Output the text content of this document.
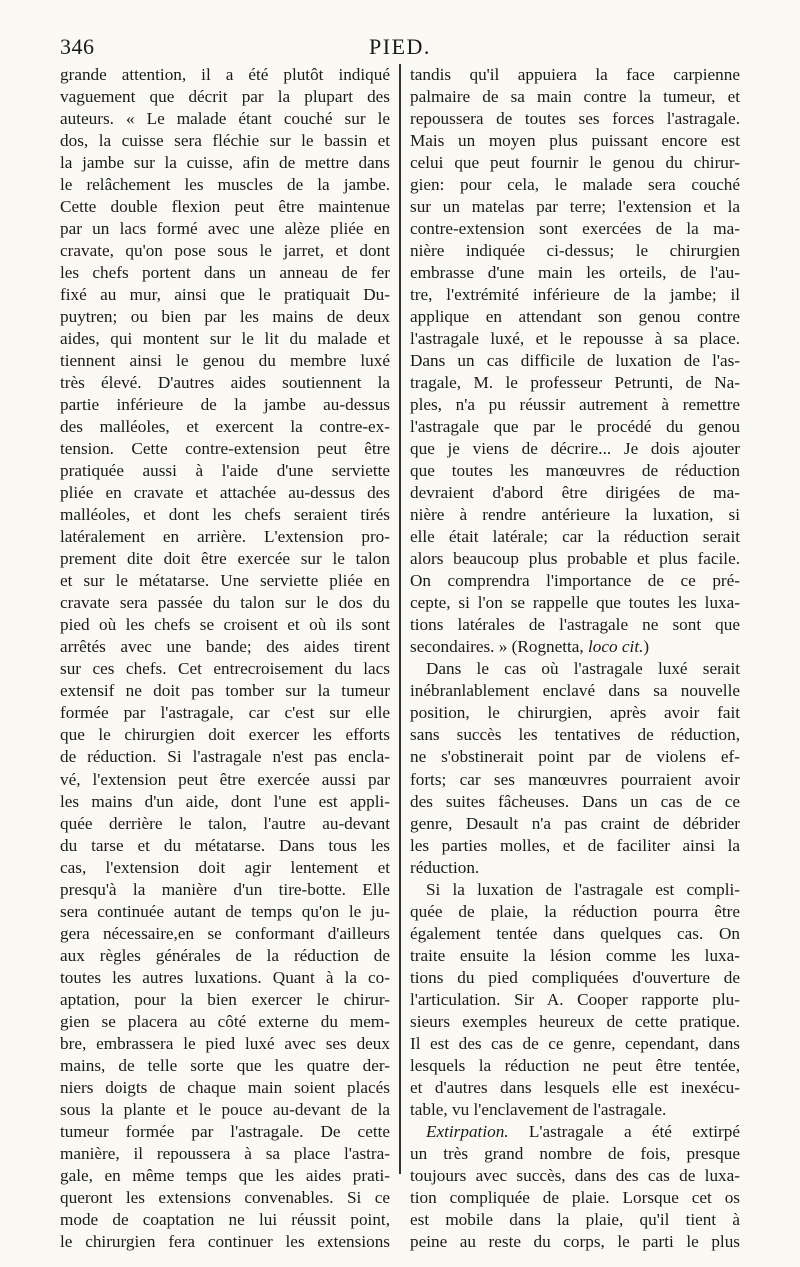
346	PIED.
grande attention, il a été plutôt indiqué
vaguement que décrit par la plupart des
auteurs. « Le malade étant couché sur le
dos, la cuisse sera fléchie sur le bassin et
la jambe sur la cuisse, afin de mettre dans
le relâchement les muscles de la jambe.
Cette double flexion peut être maintenue
par un lacs formé avec une alèze pliée en
cravate, qu'on pose sous le jarret, et dont
les chefs portent dans un anneau de fer
fixé au mur, ainsi que le pratiquait Du-
puytren; ou bien par les mains de deux
aides, qui montent sur le lit du malade et
tiennent ainsi le genou du membre luxé
très élevé. D'autres aides soutiennent la
partie inférieure de la jambe au-dessus
des malléoles, et exercent la contre-ex-
tension. Cette contre-extension peut être
pratiquée aussi à l'aide d'une serviette
pliée en cravate et attachée au-dessus des
malléoles, et dont les chefs seraient tirés
latéralement en arrière. L'extension pro-
prement dite doit être exercée sur le talon
et sur le métatarse. Une serviette pliée en
cravate sera passée du talon sur le dos du
pied où les chefs se croisent et où ils sont
arrêtés avec une bande; des aides tirent
sur ces chefs. Cet entrecroisement du lacs
extensif ne doit pas tomber sur la tumeur
formée par l'astragale, car c'est sur elle
que le chirurgien doit exercer les efforts
de réduction. Si l'astragale n'est pas encla-
vé, l'extension peut être exercée aussi par
les mains d'un aide, dont l'une est appli-
quée derrière le talon, l'autre au-devant
du tarse et du métatarse. Dans tous les
cas, l'extension doit agir lentement et
presqu'à la manière d'un tire-botte. Elle
sera continuée autant de temps qu'on le ju-
gera nécessaire,en se conformant d'ailleurs
aux règles générales de la réduction de
toutes les autres luxations. Quant à la co-
aptation, pour la bien exercer le chirur-
gien se placera au côté externe du mem-
bre, embrassera le pied luxé avec ses deux
mains, de telle sorte que les quatre der-
niers doigts de chaque main soient placés
sous la plante et le pouce au-devant de la
tumeur formée par l'astragale. De cette
manière, il repoussera à sa place l'astra-
gale, en même temps que les aides prati-
queront les extensions convenables. Si ce
mode de coaptation ne lui réussit point,
le chirurgien fera continuer les extensions
tandis qu'il appuiera la face carpienne
palmaire de sa main contre la tumeur, et
repoussera de toutes ses forces l'astragale.
Mais un moyen plus puissant encore est
celui que peut fournir le genou du chirur-
gien: pour cela, le malade sera couché
sur un matelas par terre; l'extension et la
contre-extension sont exercées de la ma-
nière indiquée ci-dessus; le chirurgien
embrasse d'une main les orteils, de l'au-
tre, l'extrémité inférieure de la jambe; il
applique en attendant son genou contre
l'astragale luxé, et le repousse à sa place.
Dans un cas difficile de luxation de l'as-
tragale, M. le professeur Petrunti, de Na-
ples, n'a pu réussir autrement à remettre
l'astragale que par le procédé du genou
que je viens de décrire... Je dois ajouter
que toutes les manœuvres de réduction
devraient d'abord être dirigées de ma-
nière à rendre antérieure la luxation, si
elle était latérale; car la réduction serait
alors beaucoup plus probable et plus facile.
On comprendra l'importance de ce pré-
cepte, si l'on se rappelle que toutes les luxa-
tions latérales de l'astragale ne sont que
secondaires. » (Rognetta, loco cit.)
Dans le cas où l'astragale luxé serait
inébranlablement enclavé dans sa nouvelle
position, le chirurgien, après avoir fait
sans succès les tentatives de réduction,
ne s'obstinerait point par de violens ef-
forts; car ses manœuvres pourraient avoir
des suites fâcheuses. Dans un cas de ce
genre, Desault n'a pas craint de débrider
les parties molles, et de faciliter ainsi la
réduction.
Si la luxation de l'astragale est compli-
quée de plaie, la réduction pourra être
également tentée dans quelques cas. On
traite ensuite la lésion comme les luxa-
tions du pied compliquées d'ouverture de
l'articulation. Sir A. Cooper rapporte plu-
sieurs exemples heureux de cette pratique.
Il est des cas de ce genre, cependant, dans
lesquels la réduction ne peut être tentée,
et d'autres dans lesquels elle est inexécu-
table, vu l'enclavement de l'astragale.
Extirpation. L'astragale a été extirpé
un très grand nombre de fois, presque
toujours avec succès, dans des cas de luxa-
tion compliquée de plaie. Lorsque cet os
est mobile dans la plaie, qu'il tient à
peine au reste du corps, le parti le plus
